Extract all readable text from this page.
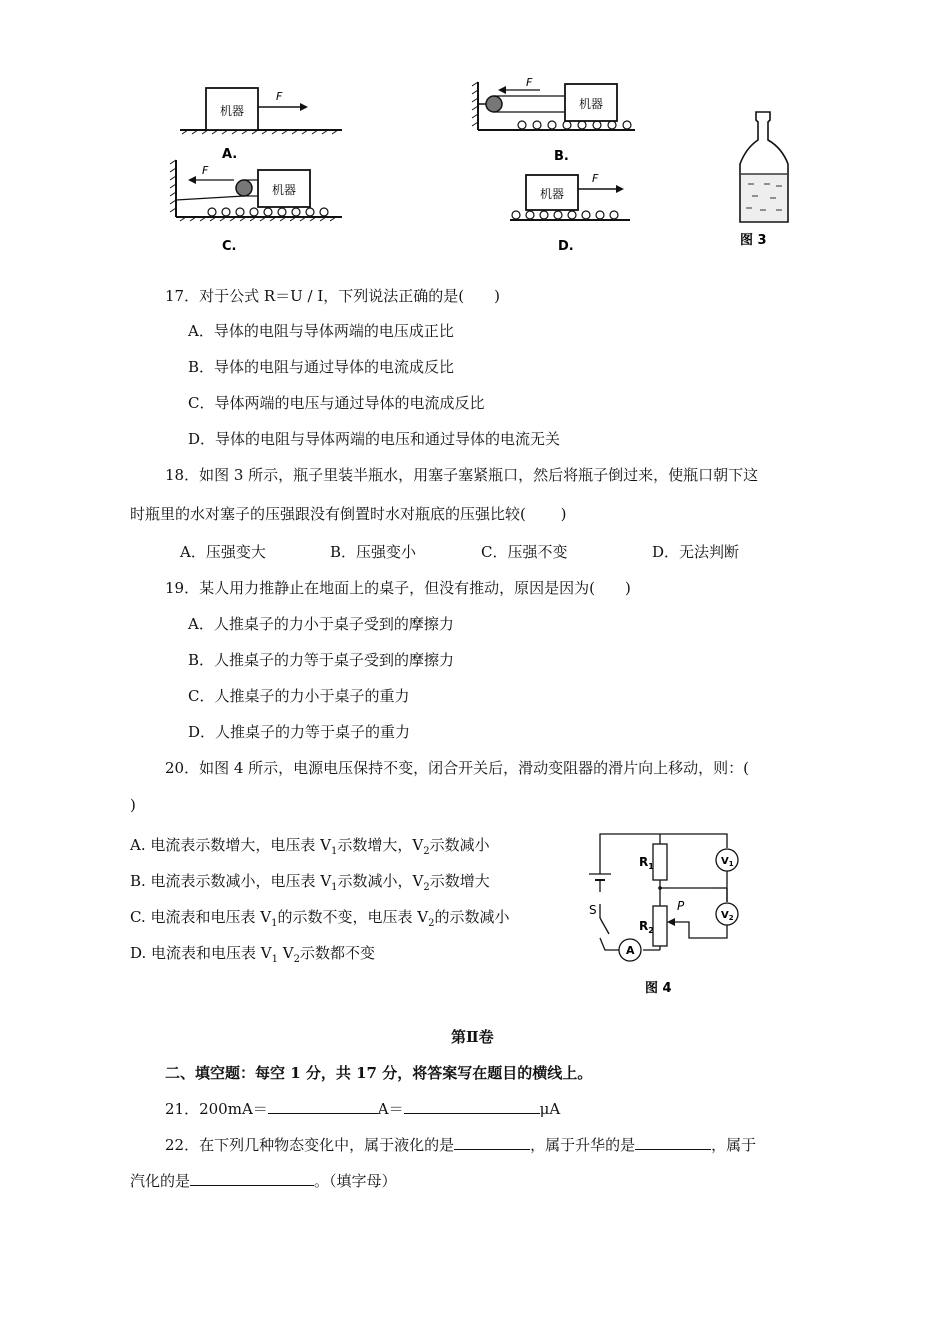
机器
F
A.
机器
F
B.
机器
F
C.
机器
F
D.	图 3
$R_1$
$R_2$
$V_1$
$V_2$
A
S	P
图 4
17．对于公式 R＝U / I，下列说法正确的是(　　)
A．导体的电阻与导体两端的电压成正比
B．导体的电阻与通过导体的电流成反比
C．导体两端的电压与通过导体的电流成反比
D．导体的电阻与导体两端的电压和通过导体的电流无关
18．如图 3 所示，瓶子里装半瓶水，用塞子塞紧瓶口，然后将瓶子倒过来，使瓶口朝下这
时瓶里的水对塞子的压强跟没有倒置时水对瓶底的压强比较(　　 )
A．压强变大	B．压强变小	C．压强不变	D．无法判断
19．某人用力推静止在地面上的桌子，但没有推动，原因是因为(　　)
A．人推桌子的力小于桌子受到的摩擦力
B．人推桌子的力等于桌子受到的摩擦力
C．人推桌子的力小于桌子的重力
D．人推桌子的力等于桌子的重力
20．如图 4 所示，电源电压保持不变，闭合开关后，滑动变阻器的滑片向上移动，则：(
)
A. 电流表示数增大，电压表 $V_1$示数增大，$V_2$示数减小
B. 电流表示数减小，电压表 $V_1$示数减小，$V_2$示数增大
C. 电流表和电压表 $V_1$的示数不变，电压表 $V_2$的示数减小
D. 电流表和电压表 $V_1$ $V_2$示数都不变
第Ⅱ卷
二、填空题：每空 1 分，共 17 分，将答案写在题目的横线上。
21．200mA＝	A＝	μA
22．在下列几种物态变化中，属于液化的是	，属于升华的是	，属于
汽化的是	。（填字母）
